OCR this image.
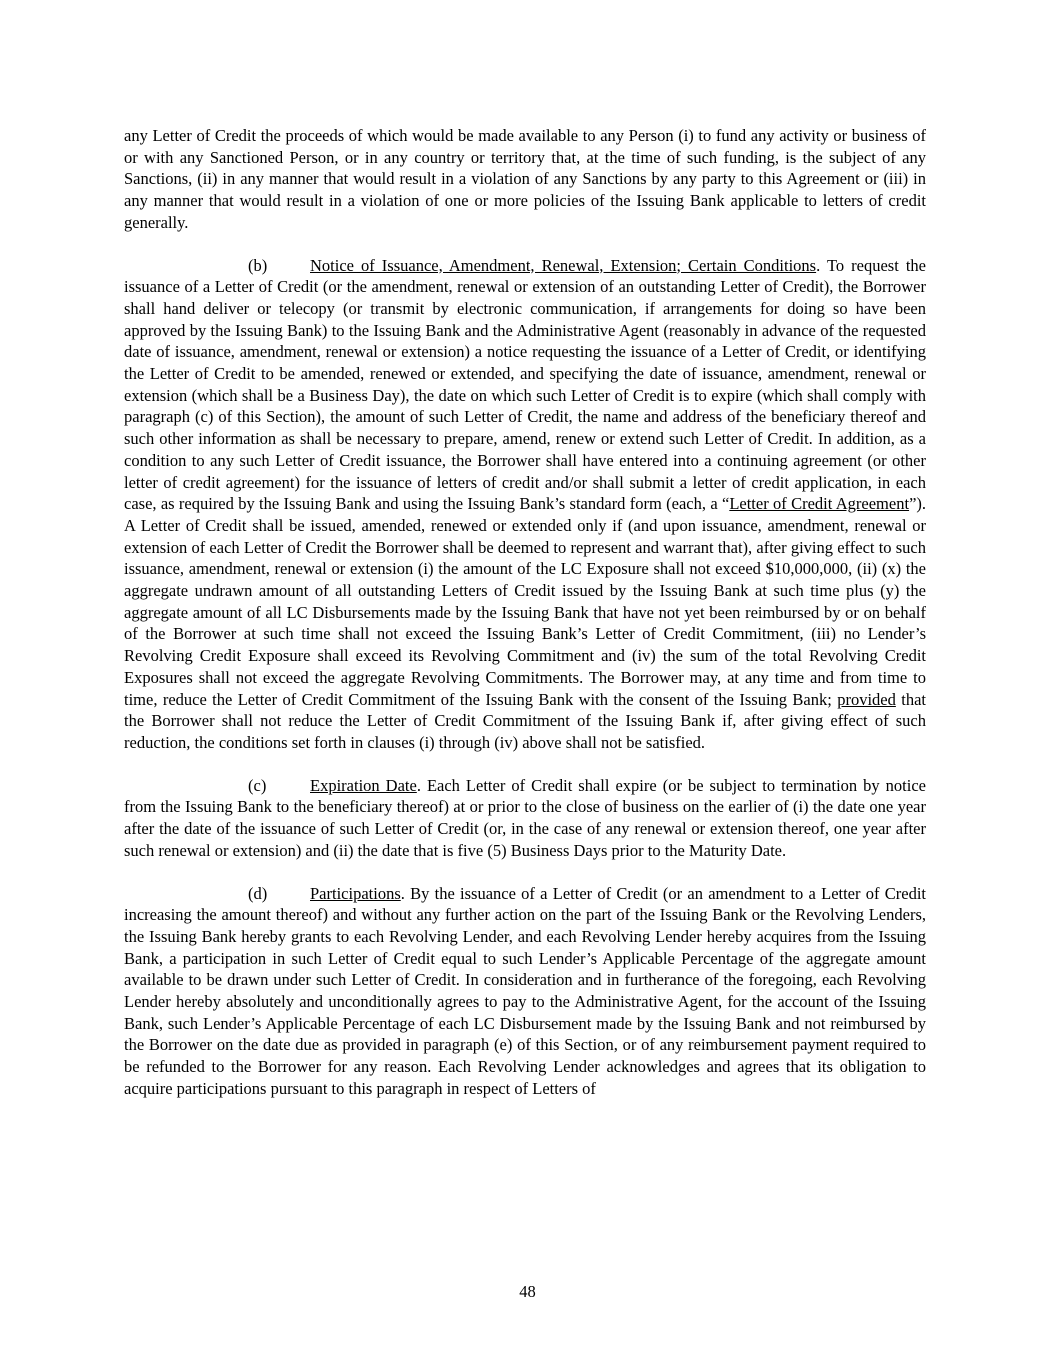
any Letter of Credit the proceeds of which would be made available to any Person (i) to fund any activity or business of or with any Sanctioned Person, or in any country or territory that, at the time of such funding, is the subject of any Sanctions, (ii) in any manner that would result in a violation of any Sanctions by any party to this Agreement or (iii) in any manner that would result in a violation of one or more policies of the Issuing Bank applicable to letters of credit generally.

(b)	Notice of Issuance, Amendment, Renewal, Extension; Certain Conditions. To request the issuance of a Letter of Credit (or the amendment, renewal or extension of an outstanding Letter of Credit), the Borrower shall hand deliver or telecopy (or transmit by electronic communication, if arrangements for doing so have been approved by the Issuing Bank) to the Issuing Bank and the Administrative Agent (reasonably in advance of the requested date of issuance, amendment, renewal or extension) a notice requesting the issuance of a Letter of Credit, or identifying the Letter of Credit to be amended, renewed or extended, and specifying the date of issuance, amendment, renewal or extension (which shall be a Business Day), the date on which such Letter of Credit is to expire (which shall comply with paragraph (c) of this Section), the amount of such Letter of Credit, the name and address of the beneficiary thereof and such other information as shall be necessary to prepare, amend, renew or extend such Letter of Credit. In addition, as a condition to any such Letter of Credit issuance, the Borrower shall have entered into a continuing agreement (or other letter of credit agreement) for the issuance of letters of credit and/or shall submit a letter of credit application, in each case, as required by the Issuing Bank and using the Issuing Bank’s standard form (each, a “Letter of Credit Agreement”). A Letter of Credit shall be issued, amended, renewed or extended only if (and upon issuance, amendment, renewal or extension of each Letter of Credit the Borrower shall be deemed to represent and warrant that), after giving effect to such issuance, amendment, renewal or extension (i) the amount of the LC Exposure shall not exceed $10,000,000, (ii) (x) the aggregate undrawn amount of all outstanding Letters of Credit issued by the Issuing Bank at such time plus (y) the aggregate amount of all LC Disbursements made by the Issuing Bank that have not yet been reimbursed by or on behalf of the Borrower at such time shall not exceed the Issuing Bank’s Letter of Credit Commitment, (iii) no Lender’s Revolving Credit Exposure shall exceed its Revolving Commitment and (iv) the sum of the total Revolving Credit Exposures shall not exceed the aggregate Revolving Commitments. The Borrower may, at any time and from time to time, reduce the Letter of Credit Commitment of the Issuing Bank with the consent of the Issuing Bank; provided that the Borrower shall not reduce the Letter of Credit Commitment of the Issuing Bank if, after giving effect of such reduction, the conditions set forth in clauses (i) through (iv) above shall not be satisfied.

(c)	Expiration Date. Each Letter of Credit shall expire (or be subject to termination by notice from the Issuing Bank to the beneficiary thereof) at or prior to the close of business on the earlier of (i) the date one year after the date of the issuance of such Letter of Credit (or, in the case of any renewal or extension thereof, one year after such renewal or extension) and (ii) the date that is five (5) Business Days prior to the Maturity Date.

(d)	Participations. By the issuance of a Letter of Credit (or an amendment to a Letter of Credit increasing the amount thereof) and without any further action on the part of the Issuing Bank or the Revolving Lenders, the Issuing Bank hereby grants to each Revolving Lender, and each Revolving Lender hereby acquires from the Issuing Bank, a participation in such Letter of Credit equal to such Lender’s Applicable Percentage of the aggregate amount available to be drawn under such Letter of Credit. In consideration and in furtherance of the foregoing, each Revolving Lender hereby absolutely and unconditionally agrees to pay to the Administrative Agent, for the account of the Issuing Bank, such Lender’s Applicable Percentage of each LC Disbursement made by the Issuing Bank and not reimbursed by the Borrower on the date due as provided in paragraph (e) of this Section, or of any reimbursement payment required to be refunded to the Borrower for any reason. Each Revolving Lender acknowledges and agrees that its obligation to acquire participations pursuant to this paragraph in respect of Letters of

48
